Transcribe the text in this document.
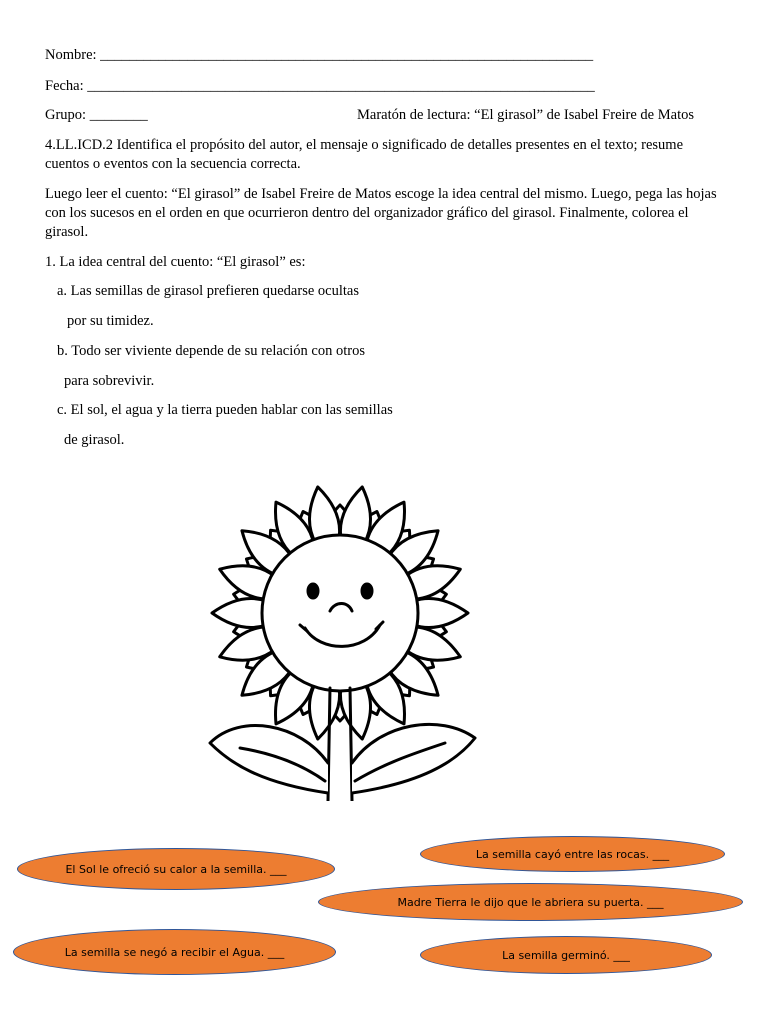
Nombre: ____________________________________________________________________
Fecha: ______________________________________________________________________
Grupo: ________	Maratón de lectura: “El girasol” de Isabel Freire de Matos
4.LL.ICD.2 Identifica el propósito del autor, el mensaje o significado de detalles presentes en el texto; resume cuentos o eventos con la secuencia correcta.
Luego leer el cuento: “El girasol” de Isabel Freire de Matos escoge la idea central del mismo. Luego, pega las hojas con los sucesos en el orden en que ocurrieron dentro del organizador gráfico del girasol. Finalmente, colorea el girasol.
1. La idea central del cuento: “El girasol” es:
a. Las semillas de girasol prefieren quedarse ocultas
por su timidez.
b. Todo ser viviente depende de su relación con otros
para sobrevivir.
c. El sol, el agua y la tierra pueden hablar con las semillas
de girasol.
La semilla cayó entre las rocas. ___
El Sol le ofreció su calor a la semilla. ___
Madre Tierra le dijo que le abriera su puerta. ___
La semilla se negó a recibir el Agua. ___	La semilla germinó. ___
